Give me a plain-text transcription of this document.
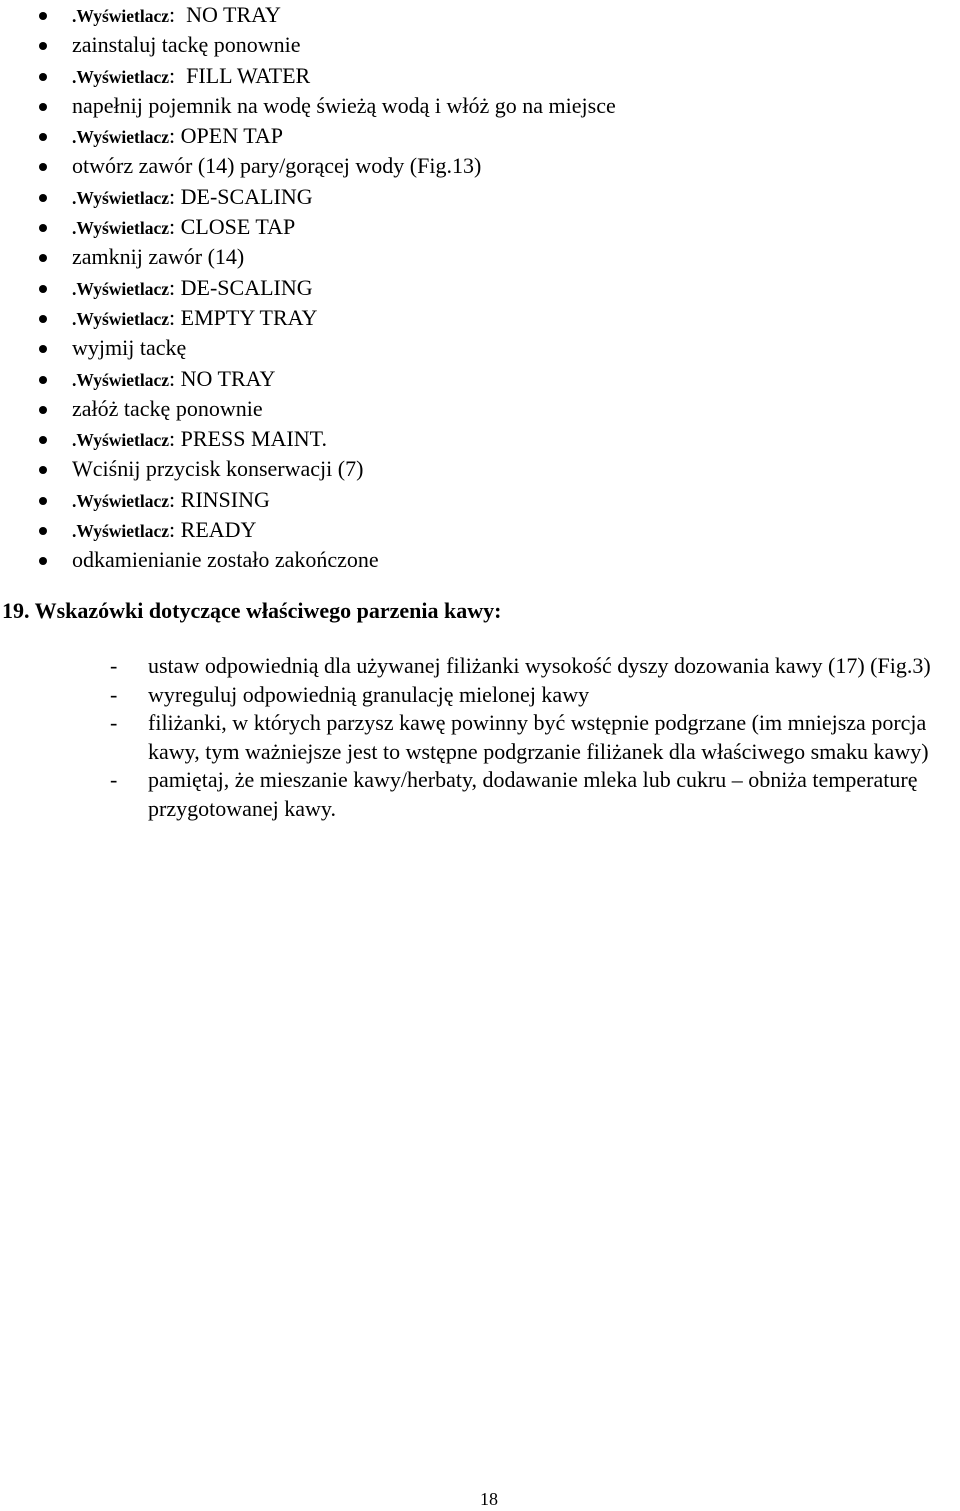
.Wyświetlacz:  NO TRAY
zainstaluj tackę ponownie
.Wyświetlacz:  FILL WATER
napełnij pojemnik na wodę świeżą wodą i włóż go na miejsce
.Wyświetlacz: OPEN TAP
otwórz zawór (14) pary/gorącej wody (Fig.13)
.Wyświetlacz: DE-SCALING
.Wyświetlacz: CLOSE TAP
zamknij zawór (14)
.Wyświetlacz: DE-SCALING
.Wyświetlacz: EMPTY TRAY
wyjmij tackę
.Wyświetlacz: NO TRAY
załóż tackę ponownie
.Wyświetlacz: PRESS MAINT.
Wciśnij przycisk konserwacji (7)
.Wyświetlacz: RINSING
.Wyświetlacz: READY
odkamienianie zostało zakończone
19. Wskazówki dotyczące właściwego parzenia kawy:
- ustaw odpowiednią dla używanej filiżanki wysokość dyszy dozowania kawy (17) (Fig.3)
- wyreguluj odpowiednią granulację mielonej kawy
- filiżanki, w których parzysz kawę powinny być wstępnie podgrzane (im mniejsza porcja kawy, tym ważniejsze jest to wstępne podgrzanie filiżanek dla właściwego smaku kawy)
- pamiętaj, że mieszanie kawy/herbaty, dodawanie mleka lub cukru – obniża temperaturę przygotowanej kawy.
18
